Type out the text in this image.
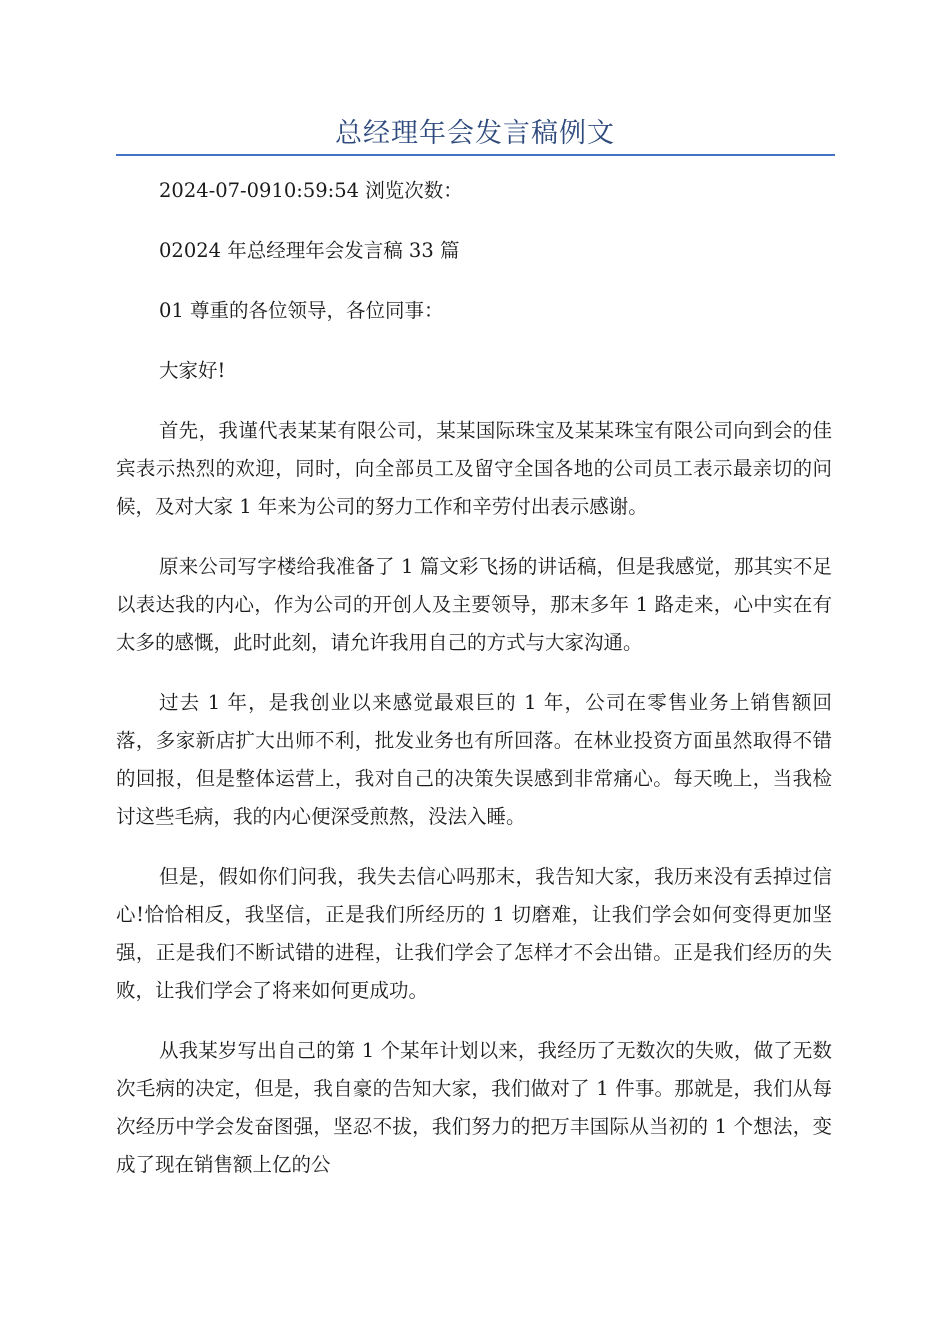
总经理年会发言稿例文

2024-07-0910:59:54 浏览次数：

02024 年总经理年会发言稿 33 篇

01 尊重的各位领导，各位同事：

大家好!

首先，我谨代表某某有限公司，某某国际珠宝及某某珠宝有限公司向到会的佳宾表示热烈的欢迎，同时，向全部员工及留守全国各地的公司员工表示最亲切的问候，及对大家 1 年来为公司的努力工作和辛劳付出表示感谢。

原来公司写字楼给我准备了 1 篇文彩飞扬的讲话稿，但是我感觉，那其实不足以表达我的内心，作为公司的开创人及主要领导，那末多年 1 路走来，心中实在有太多的感慨，此时此刻，请允许我用自己的方式与大家沟通。

过去 1 年，是我创业以来感觉最艰巨的 1 年，公司在零售业务上销售额回落，多家新店扩大出师不利，批发业务也有所回落。在林业投资方面虽然取得不错的回报，但是整体运营上，我对自己的决策失误感到非常痛心。每天晚上，当我检讨这些毛病，我的内心便深受煎熬，没法入睡。

但是，假如你们问我，我失去信心吗那末，我告知大家，我历来没有丢掉过信心!恰恰相反，我坚信，正是我们所经历的 1 切磨难，让我们学会如何变得更加坚强，正是我们不断试错的进程，让我们学会了怎样才不会出错。正是我们经历的失败，让我们学会了将来如何更成功。

从我某岁写出自己的第 1 个某年计划以来，我经历了无数次的失败，做了无数次毛病的决定，但是，我自豪的告知大家，我们做对了 1 件事。那就是，我们从每次经历中学会发奋图强，坚忍不拔，我们努力的把万丰国际从当初的 1 个想法，变成了现在销售额上亿的公
